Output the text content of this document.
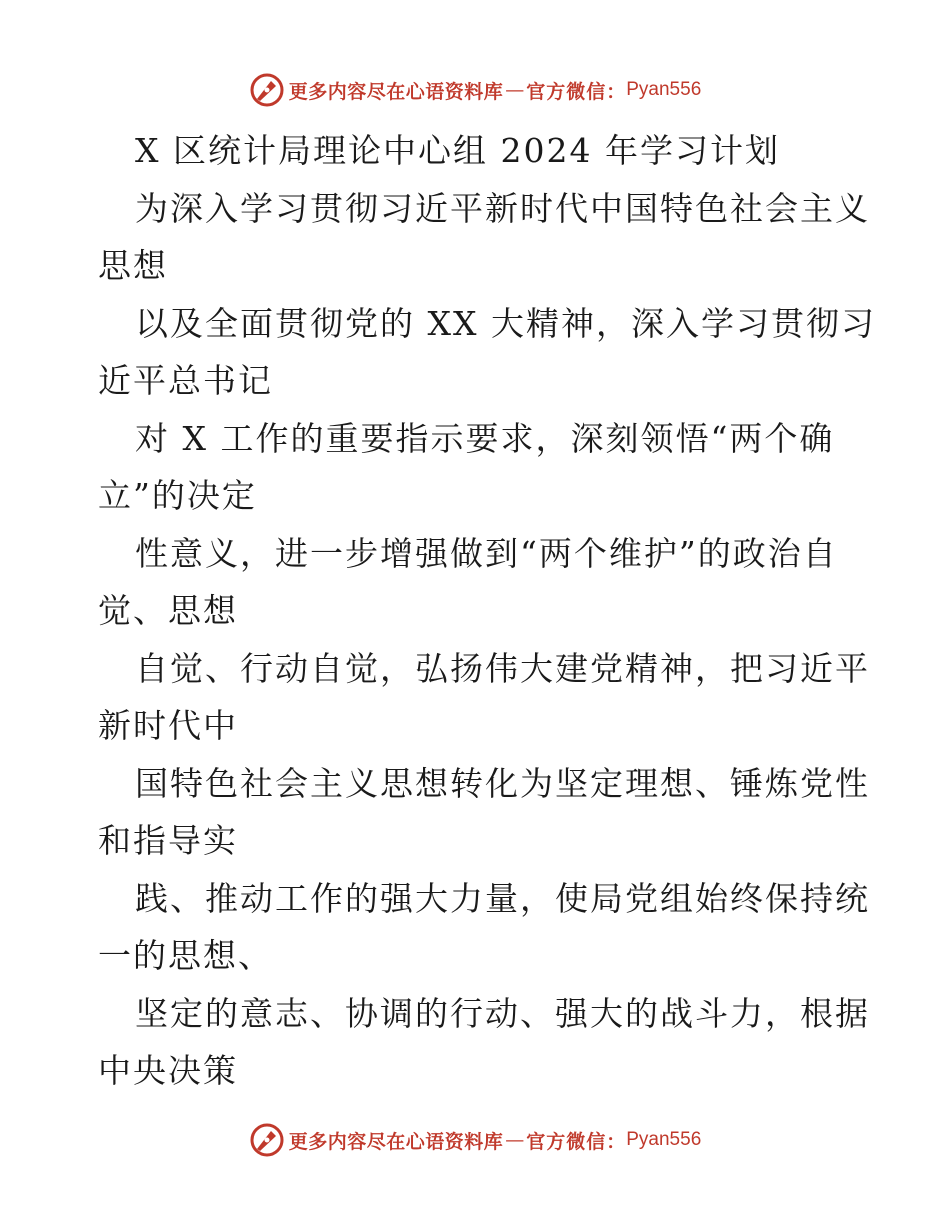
更多内容尽在心语资料库 — 官方微信： Pyan556

X 区统计局理论中心组 2024 年学习计划

为深入学习贯彻习近平新时代中国特色社会主义

思想

以及全面贯彻党的 XX 大精神，深入学习贯彻习

近平总书记

对 X 工作的重要指示要求，深刻领悟“两个确

立”的决定

性意义，进一步增强做到“两个维护”的政治自

觉、思想

自觉、行动自觉，弘扬伟大建党精神，把习近平

新时代中

国特色社会主义思想转化为坚定理想、锤炼党性

和指导实

践、推动工作的强大力量，使局党组始终保持统

一的思想、

坚定的意志、协调的行动、强大的战斗力，根据

中央决策

更多内容尽在心语资料库 — 官方微信： Pyan556
